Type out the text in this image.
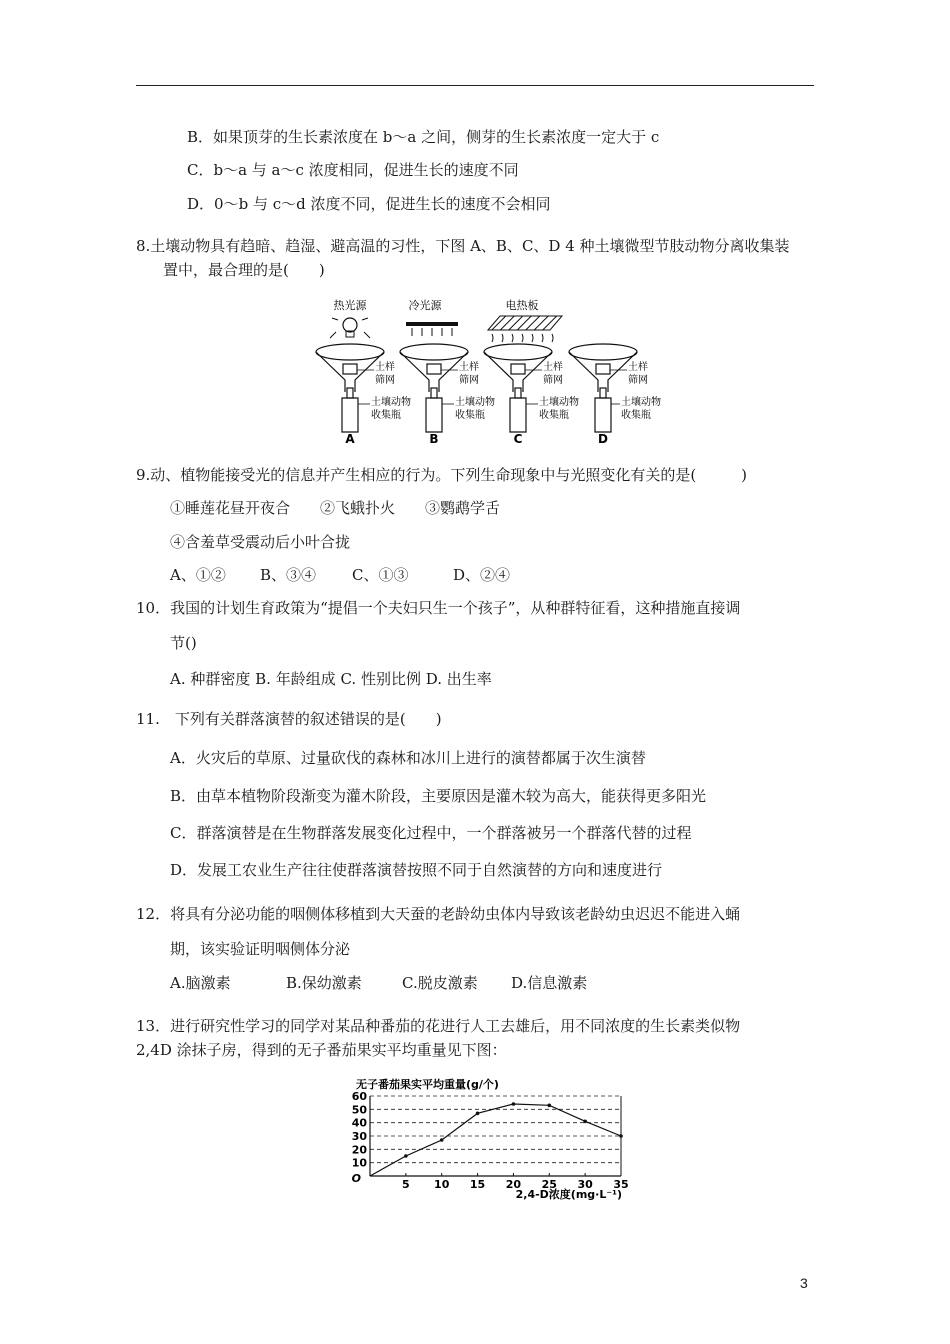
B．如果顶芽的生长素浓度在 b～a 之间，侧芽的生长素浓度一定大于 c
C．b～a 与 a～c 浓度相同，促进生长的速度不同
D．0～b 与 c～d 浓度不同，促进生长的速度不会相同
8.土壤动物具有趋暗、趋湿、避高温的习性，下图 A、B、C、D 4 种土壤微型节肢动物分离收集装
置中，最合理的是(　　)
热光源	冷光源	电热板
土样
筛网
土壤动物
收集瓶
土样
筛网
土壤动物
收集瓶
土样
筛网
土壤动物
收集瓶
土样
筛网
土壤动物
收集瓶
A	B	C	D
9.动、植物能接受光的信息并产生相应的行为。下列生命现象中与光照变化有关的是(　　　)
①睡莲花昼开夜合　　②飞蛾扑火　　③鹦鹉学舌
④含羞草受震动后小叶合拢
A、①② B、③④ C、①③	D、②④
10．我国的计划生育政策为“提倡一个夫妇只生一个孩子”，从种群特征看，这种措施直接调
节()
A. 种群密度 B. 年龄组成 C. 性别比例 D. 出生率
11.　下列有关群落演替的叙述错误的是(　　)
A．火灾后的草原、过量砍伐的森林和冰川上进行的演替都属于次生演替
B．由草本植物阶段渐变为灌木阶段，主要原因是灌木较为高大，能获得更多阳光
C．群落演替是在生物群落发展变化过程中，一个群落被另一个群落代替的过程
D．发展工农业生产往往使群落演替按照不同于自然演替的方向和速度进行
12．将具有分泌功能的咽侧体移植到大天蚕的老龄幼虫体内导致该老龄幼虫迟迟不能进入蛹
期，该实验证明咽侧体分泌
A.脑激素	B.保幼激素	C.脱皮激素 D.信息激素
13．进行研究性学习的同学对某品种番茄的花进行人工去雄后，用不同浓度的生长素类似物
2,4D 涂抹子房，得到的无子番茄果实平均重量见下图：
无子番茄果实平均重量(g/个)
10
20
30
40
50
60
5 10 15 20 25 30 35
O
2,4-D浓度(mg·L⁻¹)
3
